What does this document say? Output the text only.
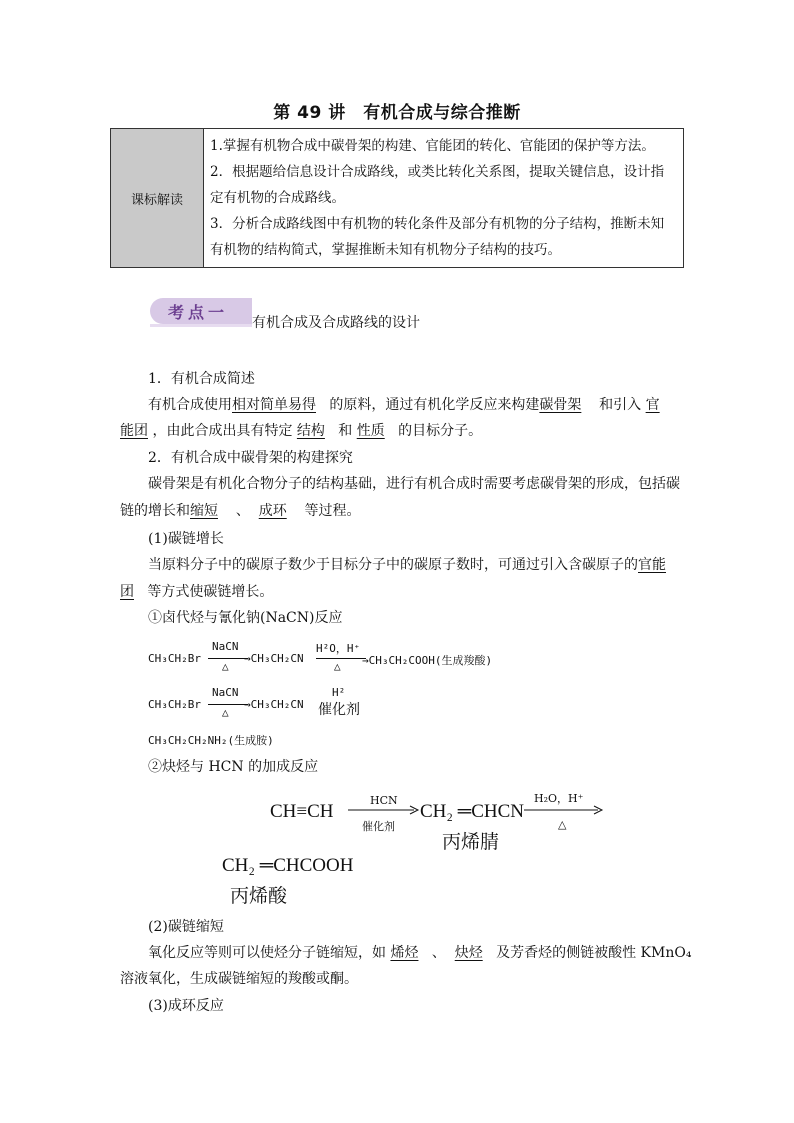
第 49 讲　有机合成与综合推断
课标解读	
1.掌握有机物合成中碳骨架的构建、官能团的转化、官能团的保护等方法。
2．根据题给信息设计合成路线，或类比转化关系图，提取关键信息，设计指
定有机物的合成路线。
3．分析合成路线图中有机物的转化条件及部分有机物的分子结构，推断未知
有机物的结构简式，掌握推断未知有机物分子结构的技巧。
考点一
有机合成及合成路线的设计
1．有机合成简述
有机合成使用相对简单易得 的原料，通过有机化学反应来构建碳骨架 和引入 官
能团 ，由此合成出具有特定 结构 和 性质 的目标分子。
2．有机合成中碳骨架的构建探究
碳骨架是有机化合物分子的结构基础，进行有机合成时需要考虑碳骨架的形成，包括碳
链的增长和缩短 、 成环 等过程。
(1)碳链增长
当原料分子中的碳原子数少于目标分子中的碳原子数时，可通过引入含碳原子的官能
团 等方式使碳链增长。
①卤代烃与氰化钠(NaCN)反应
CH₃CH₂Br
NaCN
△
→CH₃CH₂CN
H²O，H⁺
△ →CH₃CH₂COOH(生成羧酸)
CH₃CH₂Br
NaCN
△
→CH₃CH₂CN
H²
催化剂
CH₃CH₂CH₂NH₂(生成胺)
②炔烃与 HCN 的加成反应
CH≡CH
HCN
催化剂
CH₂ ═CHCN
丙烯腈
H₂O，H⁺
△
CH₂ ═CHCOOH
丙烯酸
(2)碳链缩短
氧化反应等则可以使烃分子链缩短，如 烯烃 、 炔烃 及芳香烃的侧链被酸性 KMnO₄
溶液氧化，生成碳链缩短的羧酸或酮。
(3)成环反应
